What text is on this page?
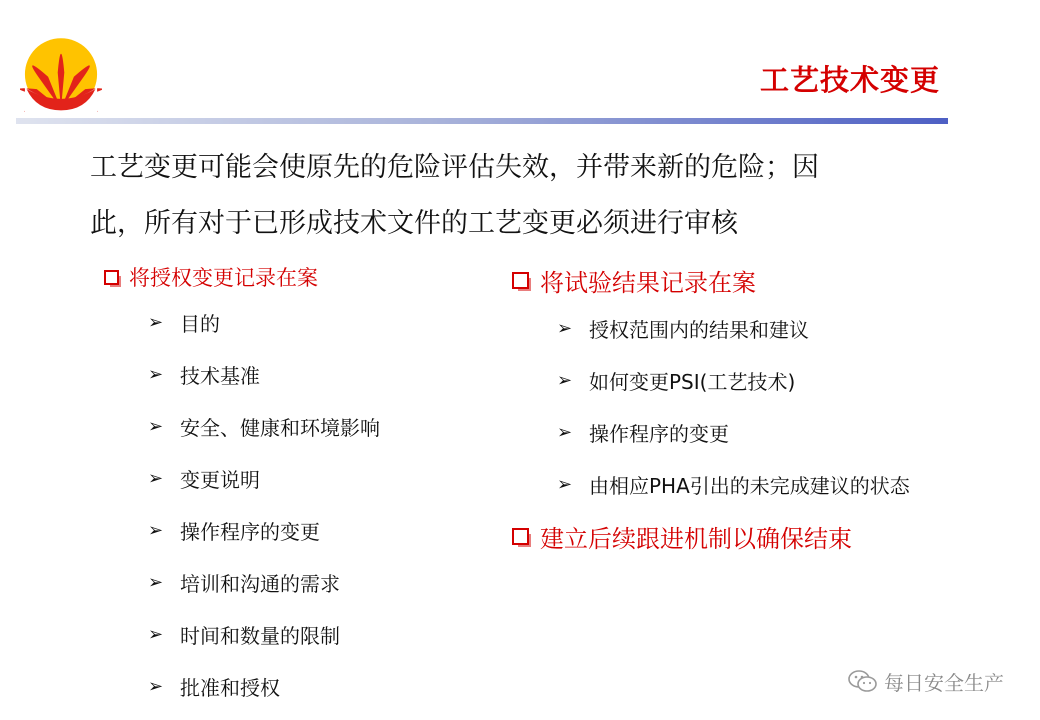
工艺技术变更
工艺变更可能会使原先的危险评估失效，并带来新的危险；因
此，所有对于已形成技术文件的工艺变更必须进行审核
将授权变更记录在案
➢ 目的
➢ 技术基准
➢ 安全、健康和环境影响
➢ 变更说明
➢ 操作程序的变更
➢ 培训和沟通的需求
➢ 时间和数量的限制
➢ 批准和授权
将试验结果记录在案
➢ 授权范围内的结果和建议
➢ 如何变更PSI(工艺技术)
➢ 操作程序的变更
➢ 由相应PHA引出的未完成建议的状态
建立后续跟进机制以确保结束
每日安全生产
